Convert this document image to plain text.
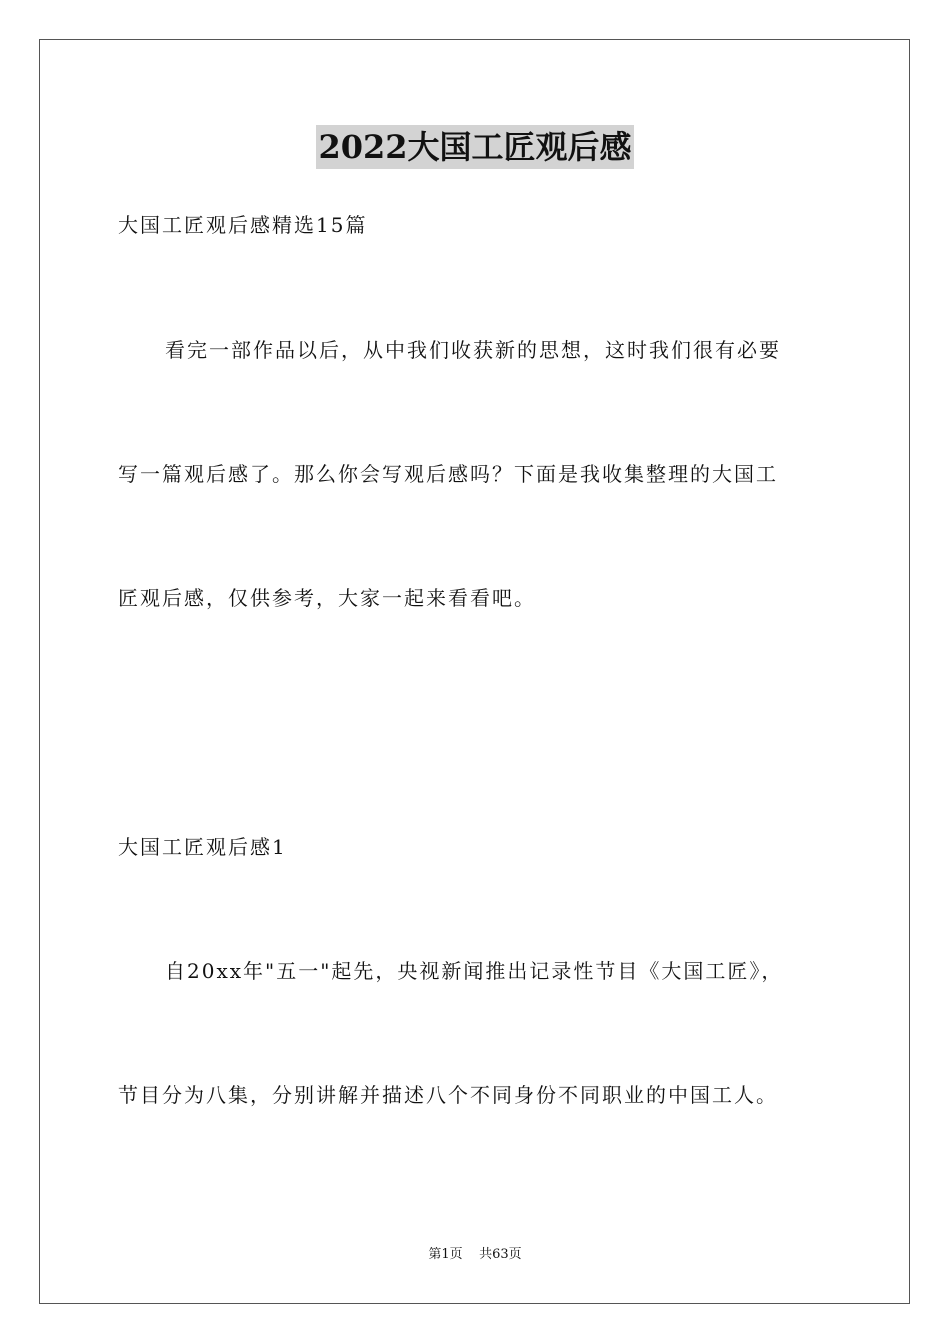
2022大国工匠观后感
大国工匠观后感精选15篇
看完一部作品以后，从中我们收获新的思想，这时我们很有必要
写一篇观后感了。那么你会写观后感吗？下面是我收集整理的大国工
匠观后感，仅供参考，大家一起来看看吧。
大国工匠观后感1
自20xx年"五一"起先，央视新闻推出记录性节目《大国工匠》，
节目分为八集，分别讲解并描述八个不同身份不同职业的中国工人。
第1页 共63页
